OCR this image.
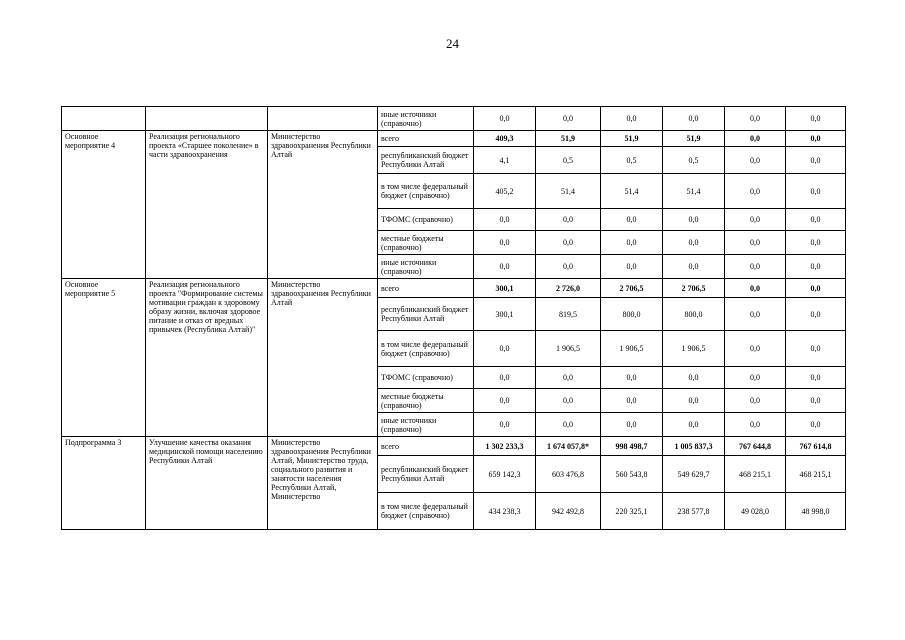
24
			иные источники (справочно)	0,0	0,0	0,0	0,0	0,0	0,0
Основное мероприятие 4	Реализация регионального проекта «Старшее поколение» в части здравоохранения	Министерство здравоохранения Республики Алтай	всего	409,3	51,9	51,9	51,9	0,0	0,0
			республиканский бюджет Республики Алтай	4,1	0,5	0,5	0,5	0,0	0,0
			в том числе федеральный бюджет (справочно)	405,2	51,4	51,4	51,4	0,0	0,0
			ТФОМС (справочно)	0,0	0,0	0,0	0,0	0,0	0,0
			местные бюджеты (справочно)	0,0	0,0	0,0	0,0	0,0	0,0
			иные источники (справочно)	0,0	0,0	0,0	0,0	0,0	0,0
Основное мероприятие 5	Реализация регионального проекта "Формирование системы мотивации граждан к здоровому образу жизни, включая здоровое питание и отказ от вредных привычек (Республика Алтай)"	Министерство здравоохранения Республики Алтай	всего	300,1	2 726,0	2 706,5	2 706,5	0,0	0,0
			республиканский бюджет Республики Алтай	300,1	819,5	800,0	800,0	0,0	0,0
			в том числе федеральный бюджет (справочно)	0,0	1 906,5	1 906,5	1 906,5	0,0	0,0
			ТФОМС (справочно)	0,0	0,0	0,0	0,0	0,0	0,0
			местные бюджеты (справочно)	0,0	0,0	0,0	0,0	0,0	0,0
			иные источники (справочно)	0,0	0,0	0,0	0,0	0,0	0,0
Подпрограмма 3	Улучшение качества оказания медицинской помощи населению Республики Алтай	Министерство здравоохранения Республики Алтай, Министерство труда, социального развития и занятости населения Республики Алтай, Министерство	всего	1 302 233,3	1 674 057,8*	998 498,7	1 005 837,3	767 644,8	767 614,8
			республиканский бюджет Республики Алтай	659 142,3	603 476,8	560 543,8	549 629,7	468 215,1	468 215,1
			в том числе федеральный бюджет (справочно)	434 238,3	942 492,8	220 325,1	238 577,8	49 028,0	48 998,0
